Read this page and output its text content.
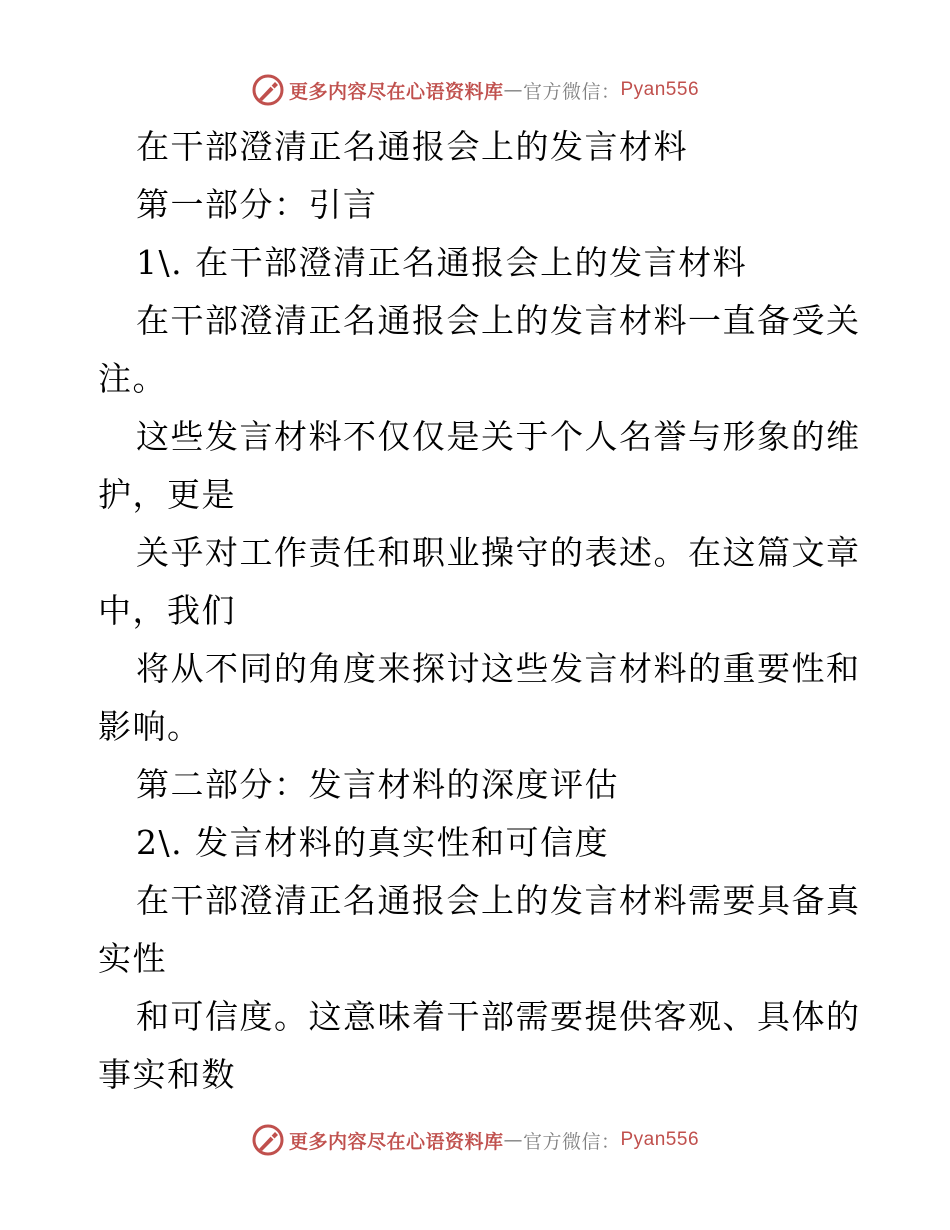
更多内容尽在心语资料库 — 官方微信： Pyan556
在干部澄清正名通报会上的发言材料
第一部分：引言
1\. 在干部澄清正名通报会上的发言材料
在干部澄清正名通报会上的发言材料一直备受关
注。
这些发言材料不仅仅是关于个人名誉与形象的维
护，更是
关乎对工作责任和职业操守的表述。在这篇文章
中，我们
将从不同的角度来探讨这些发言材料的重要性和
影响。
第二部分：发言材料的深度评估
2\. 发言材料的真实性和可信度
在干部澄清正名通报会上的发言材料需要具备真
实性
和可信度。这意味着干部需要提供客观、具体的
事实和数
更多内容尽在心语资料库 — 官方微信： Pyan556
